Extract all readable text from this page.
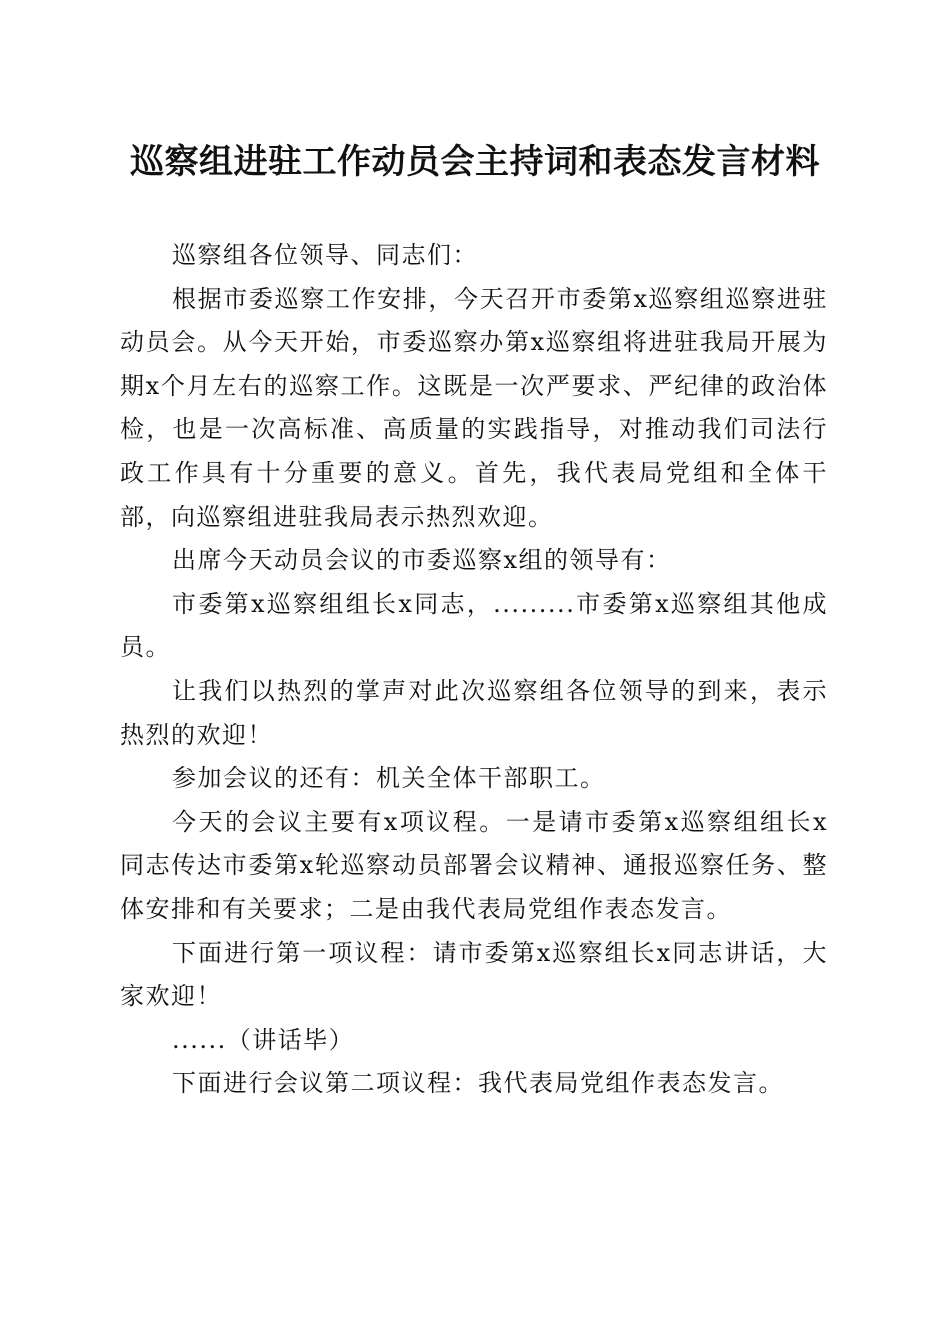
巡察组进驻工作动员会主持词和表态发言材料

巡察组各位领导、同志们：

根据市委巡察工作安排，今天召开市委第x巡察组巡察进驻动员会。从今天开始，市委巡察办第x巡察组将进驻我局开展为期x个月左右的巡察工作。这既是一次严要求、严纪律的政治体检，也是一次高标准、高质量的实践指导，对推动我们司法行政工作具有十分重要的意义。首先，我代表局党组和全体干部，向巡察组进驻我局表示热烈欢迎。

出席今天动员会议的市委巡察x组的领导有：

市委第x巡察组组长x同志，.........市委第x巡察组其他成员。

让我们以热烈的掌声对此次巡察组各位领导的到来，表示热烈的欢迎！

参加会议的还有：机关全体干部职工。

今天的会议主要有x项议程。一是请市委第x巡察组组长x同志传达市委第x轮巡察动员部署会议精神、通报巡察任务、整体安排和有关要求；二是由我代表局党组作表态发言。

下面进行第一项议程：请市委第x巡察组长x同志讲话，大家欢迎！

......（讲话毕）

下面进行会议第二项议程：我代表局党组作表态发言。
